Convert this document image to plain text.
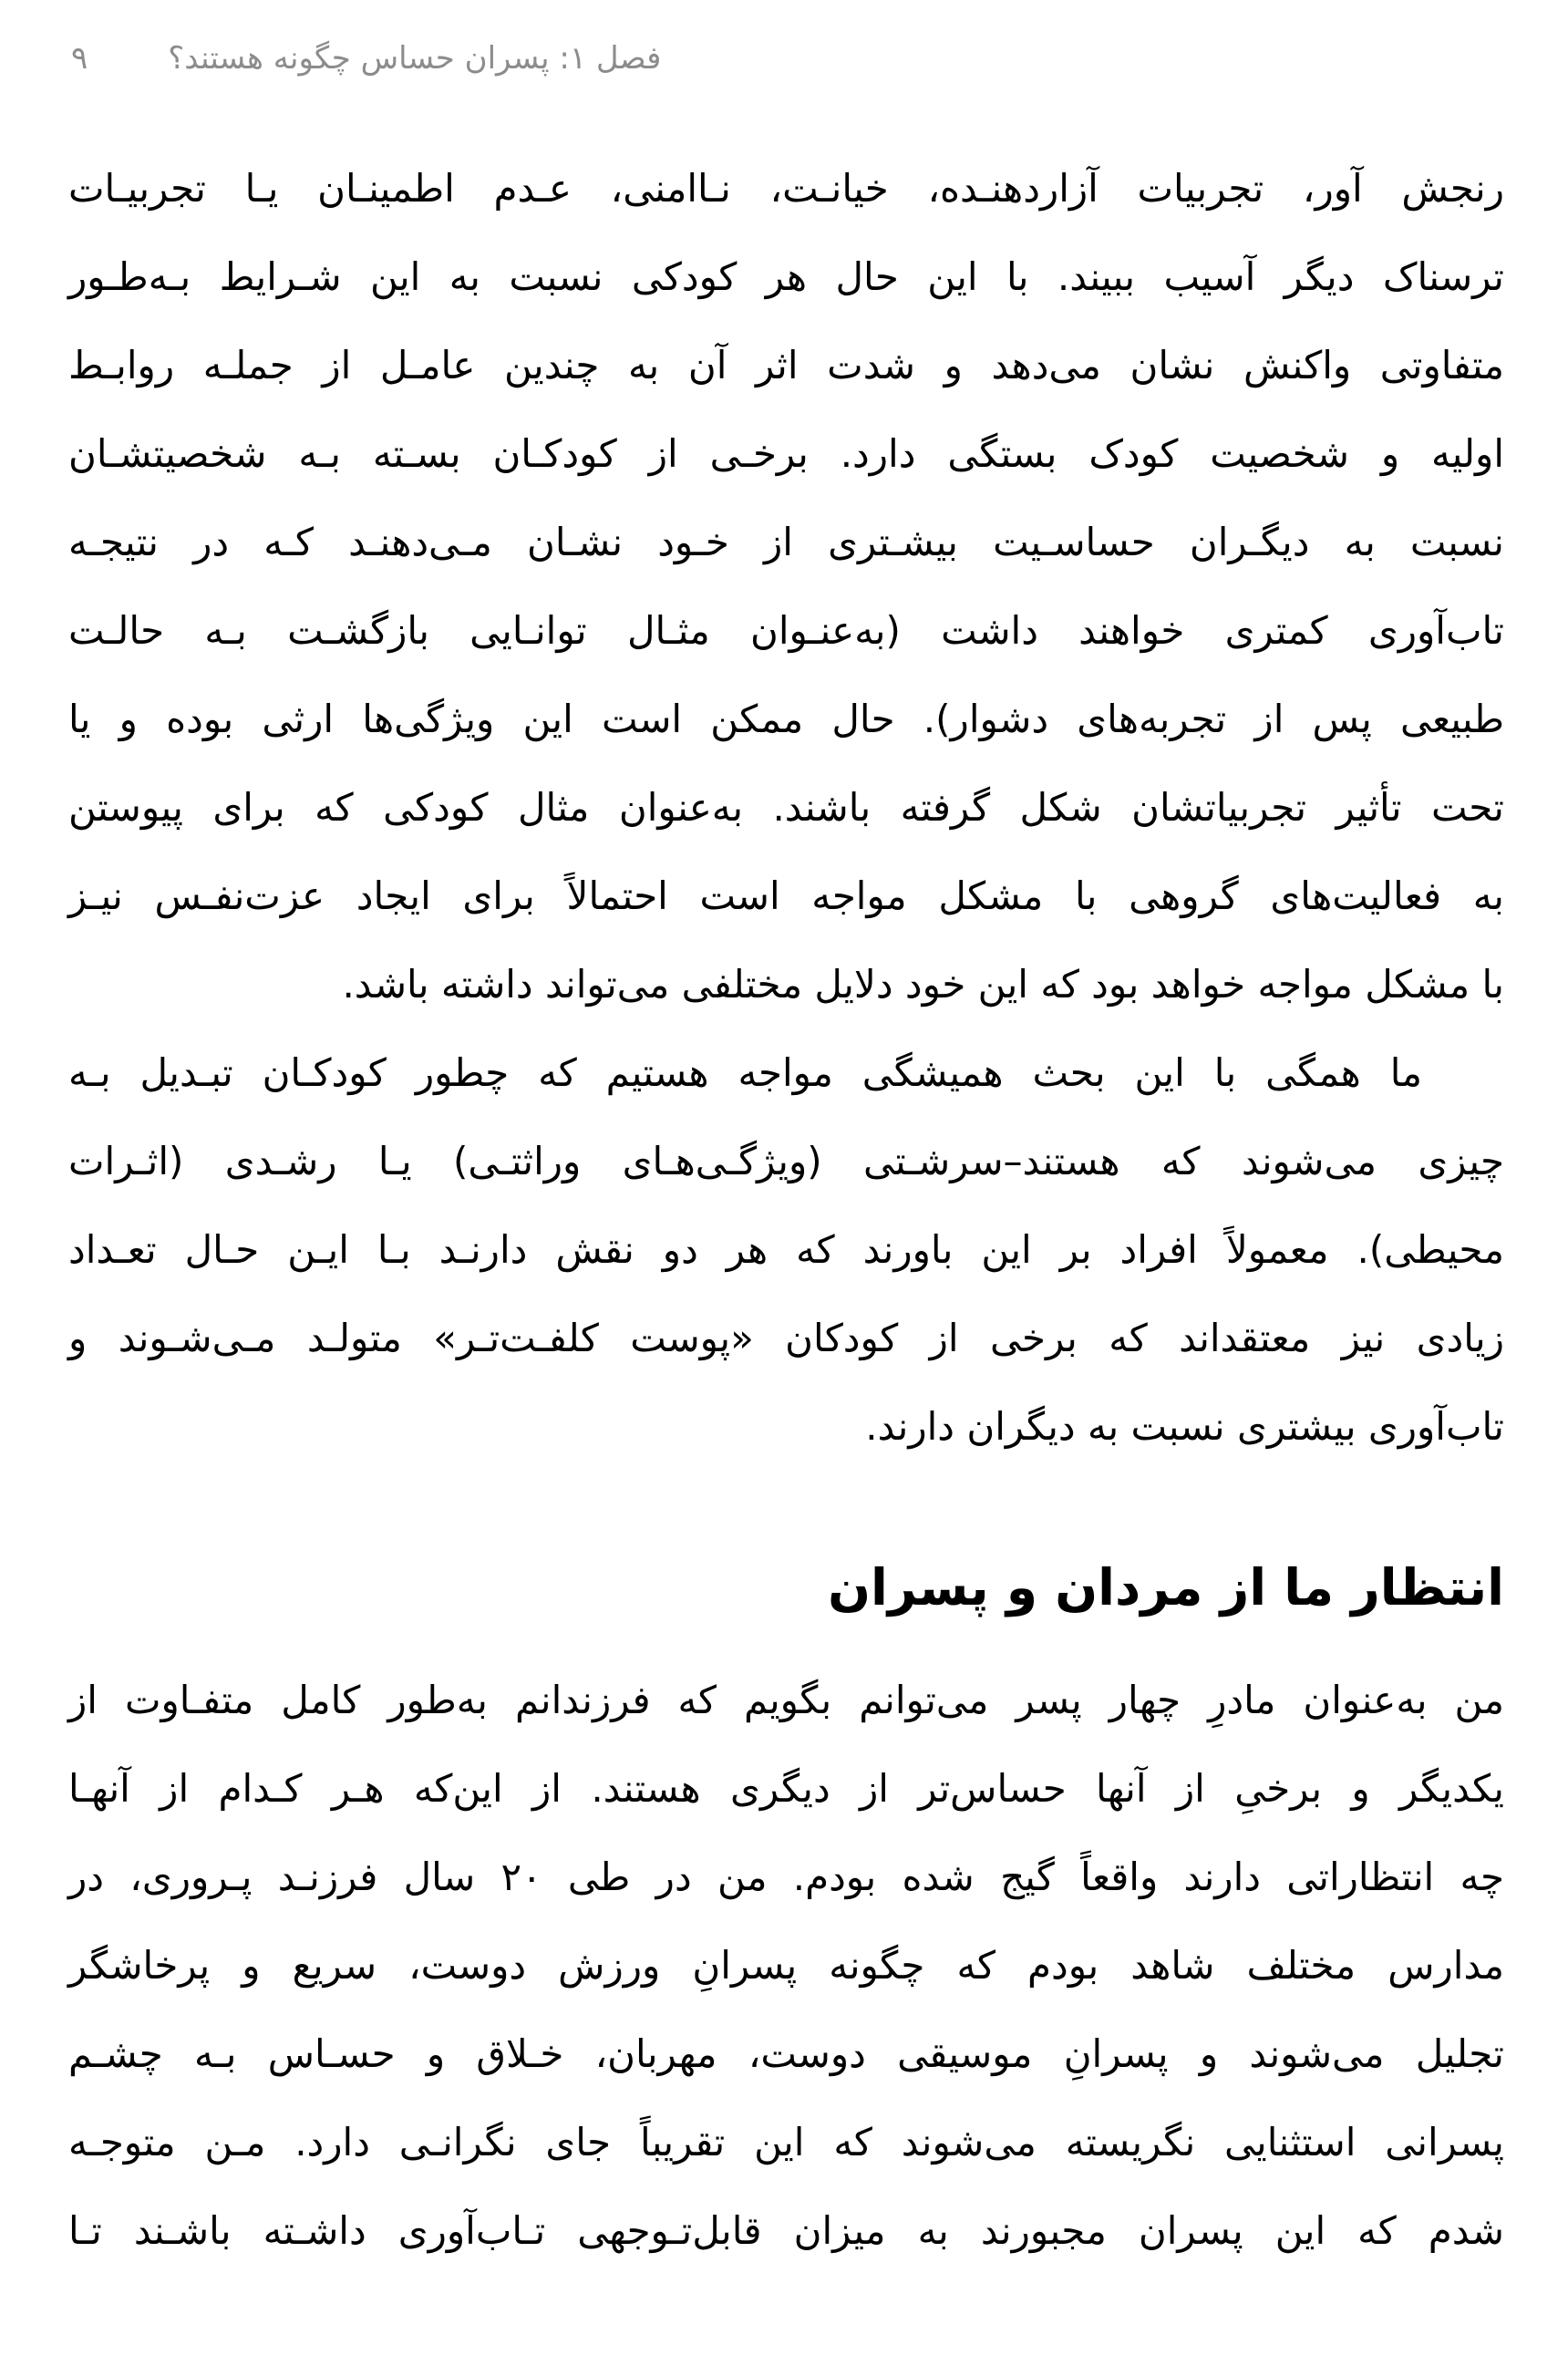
۹	فصل ۱: پسران حساس چگونه هستند؟
رنجش آور، تجربیات آزاردهنـده، خیانـت، نـاامنی، عـدم اطمینـان یـا تجربیـات
ترسناک دیگر آسیب ببیند. با این حال هر کودکی نسبت به این شـرایط بـه‌طـور
متفاوتی واکنش نشان می‌دهد و شدت اثر آن به چندین عامـل از جملـه روابـط
اولیه و شخصیت کودک بستگی دارد. برخـی از کودکـان بسـته بـه شخصیتشـان
نسبت به دیگـران حساسـیت بیشـتری از خـود نشـان مـی‌دهنـد کـه در نتیجـه
تاب‌آوری کمتری خواهند داشت (به‌عنـوان مثـال توانـایی بازگشـت بـه حالـت
طبیعی پس از تجربه‌های دشوار). حال ممکن است این ویژگی‌ها ارثی بوده و یا
تحت تأثیر تجربیاتشان شکل گرفته باشند. به‌عنوان مثال کودکی که برای پیوستن
به فعالیت‌های گروهی با مشکل مواجه است احتمالاً برای ایجاد عزت‌نفـس نیـز
با مشکل مواجه خواهد بود که این خود دلایل مختلفی می‌تواند داشته باشد.
ما همگی با این بحث همیشگی مواجه هستیم که چطور کودکـان تبـدیل بـه
چیزی می‌شوند که هستند–سرشـتی (ویژگـی‌هـای وراثتـی) یـا رشـدی (اثـرات
محیطی). معمولاً افراد بر این باورند که هر دو نقش دارنـد بـا ایـن حـال تعـداد
زیادی نیز معتقداند که برخی از کودکان «پوست کلفـت‌تـر» متولـد مـی‌شـوند و
تاب‌آوری بیشتری نسبت به دیگران دارند.
انتظار ما از مردان و پسران
من به‌عنوان مادرِ چهار پسر می‌توانم بگویم که فرزندانم به‌طور کامل متفـاوت از
یکدیگر و برخیِ از آنها حساس‌تر از دیگری هستند. از این‌که هـر کـدام از آنهـا
چه انتظاراتی دارند واقعاً گیج شده بودم. من در طی ۲۰ سال فرزنـد پـروری، در
مدارس مختلف شاهد بودم که چگونه پسرانِ ورزش دوست، سریع و پرخاشگر
تجلیل می‌شوند و پسرانِ موسیقی دوست، مهربان، خـلاق و حسـاس بـه چشـم
پسرانی استثنایی نگریسته می‌شوند که این تقریباً جای نگرانـی دارد. مـن متوجـه
شدم که این پسران مجبورند به میزان قابل‌تـوجهی تـاب‌آوری داشـته باشـند تـا
